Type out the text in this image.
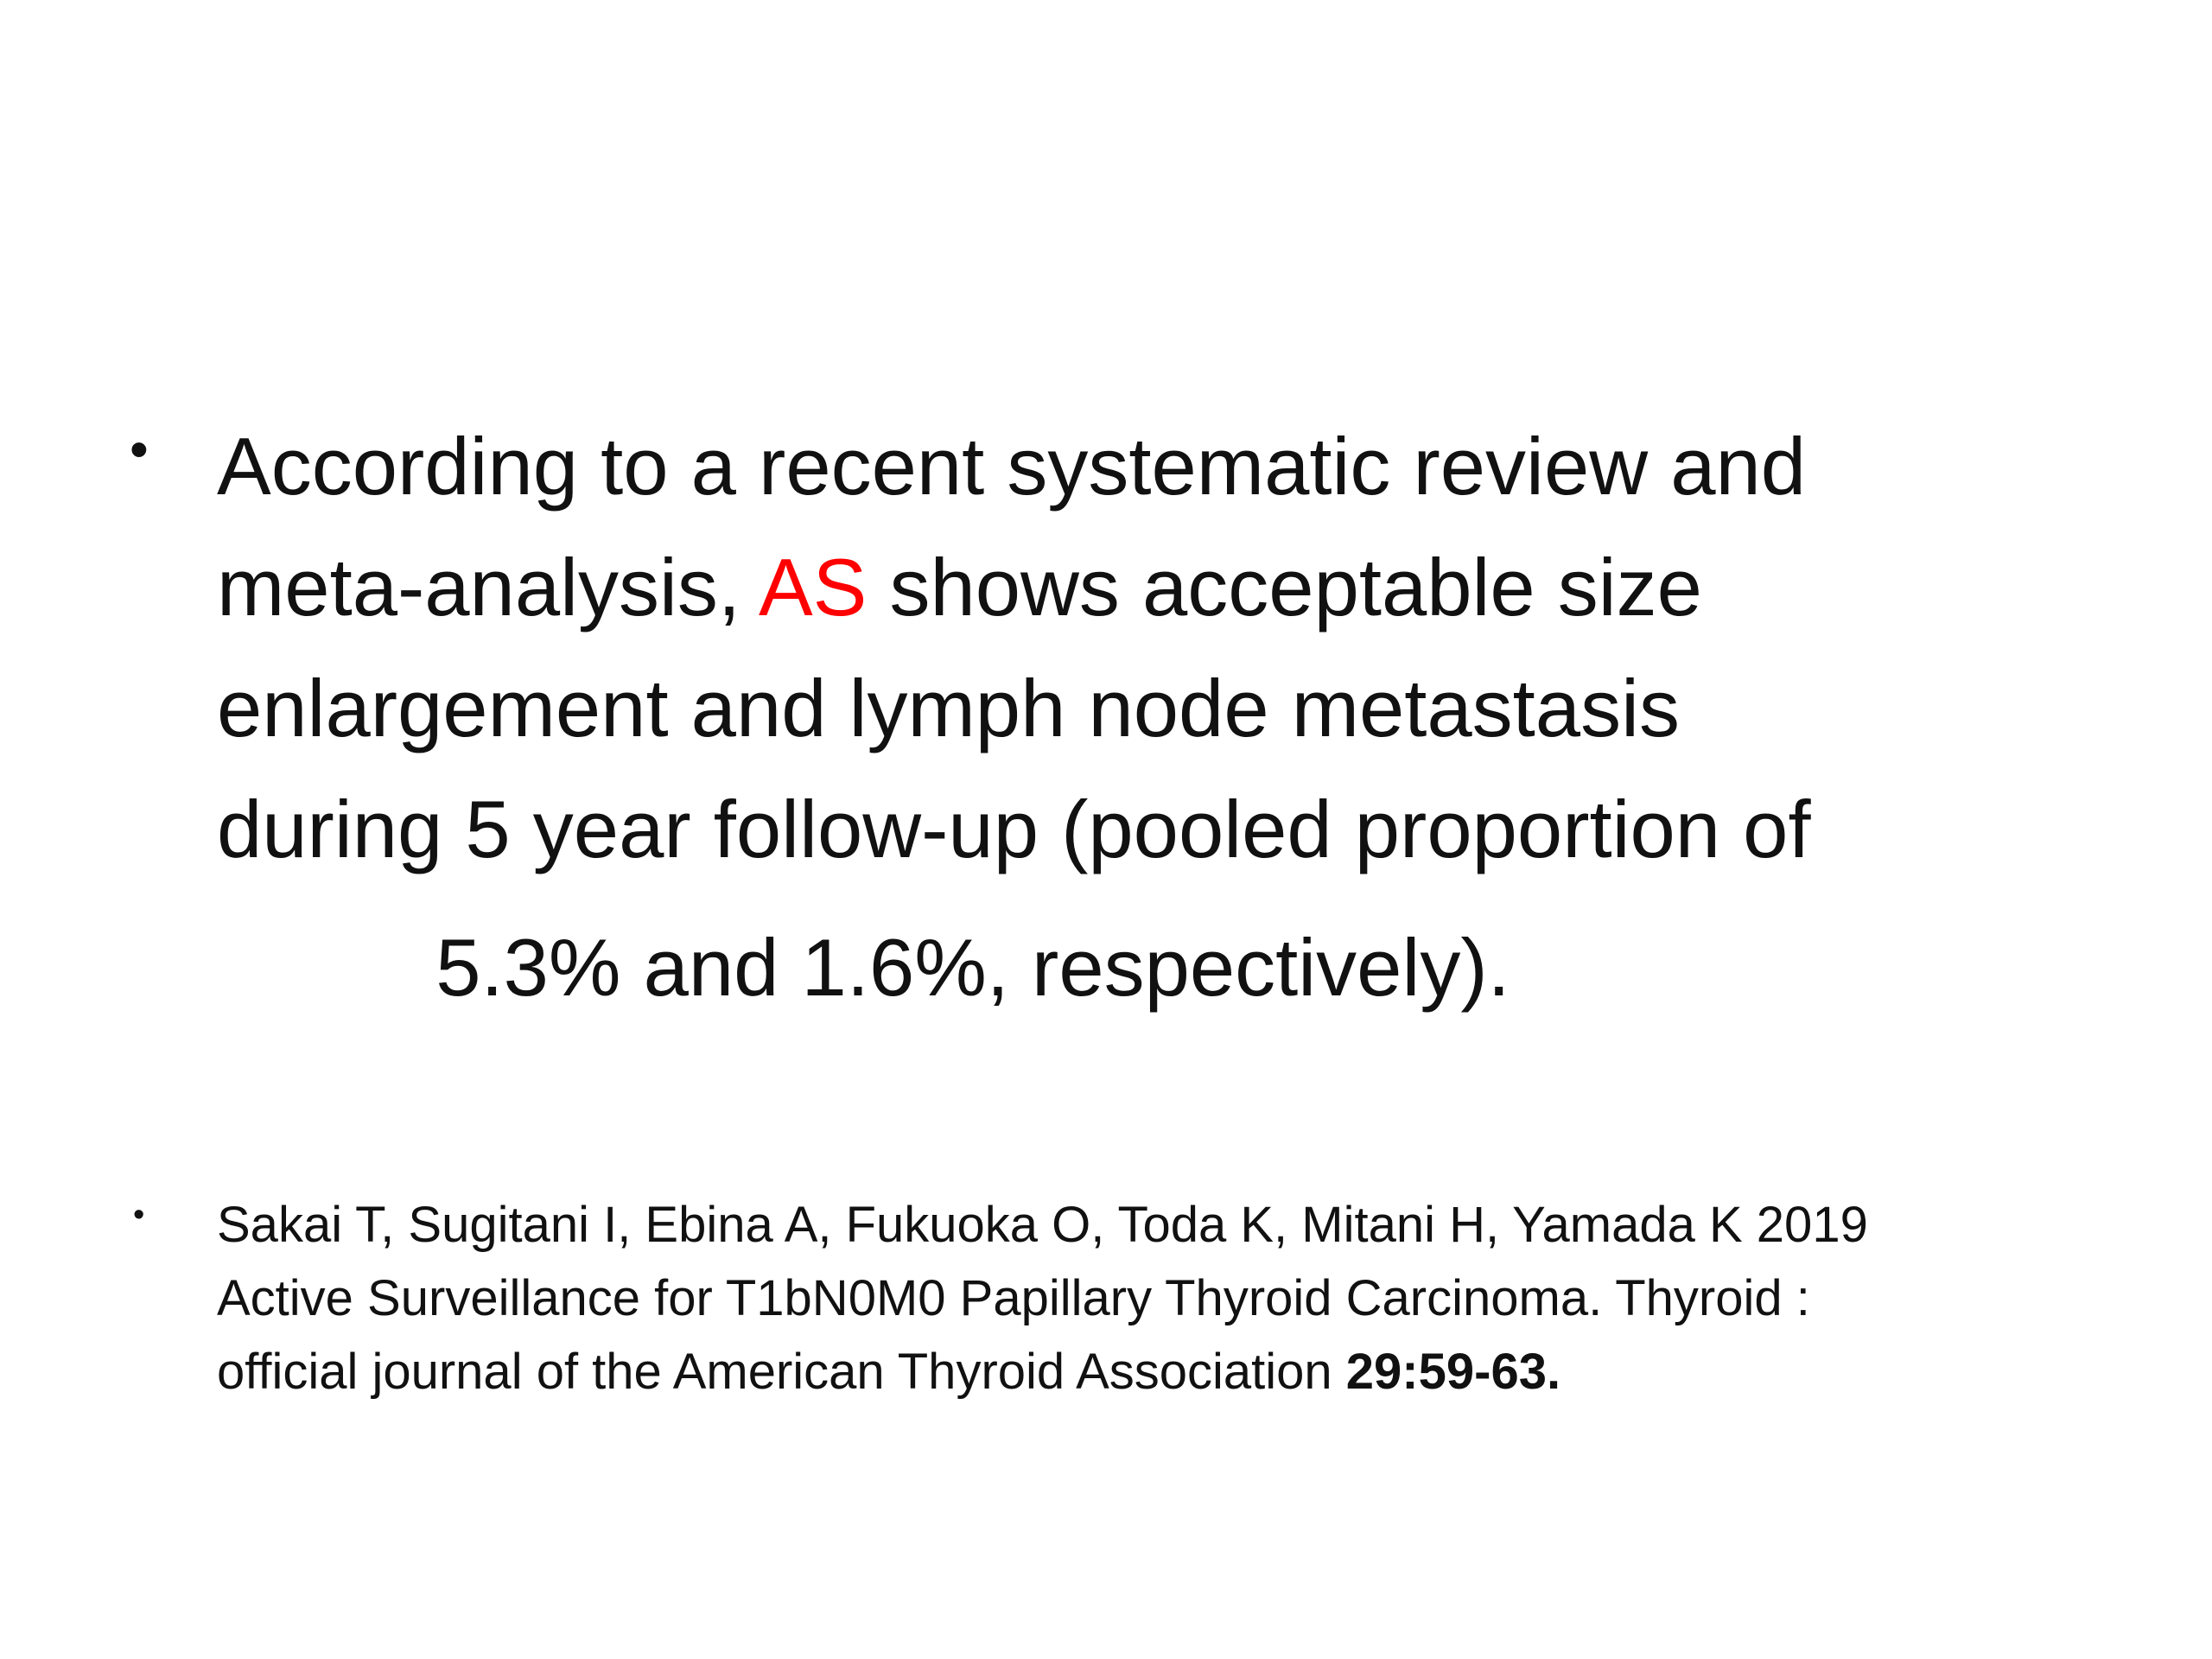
• According to a recent systematic review and
meta-analysis, AS shows acceptable size
enlargement and lymph node metastasis
during 5 year follow-up (pooled proportion of
5.3% and 1.6%, respectively).
• Sakai T, Sugitani I, Ebina A, Fukuoka O, Toda K, Mitani H, Yamada K 2019
Active Surveillance for T1bN0M0 Papillary Thyroid Carcinoma. Thyroid :
official journal of the American Thyroid Association 29:59-63.
